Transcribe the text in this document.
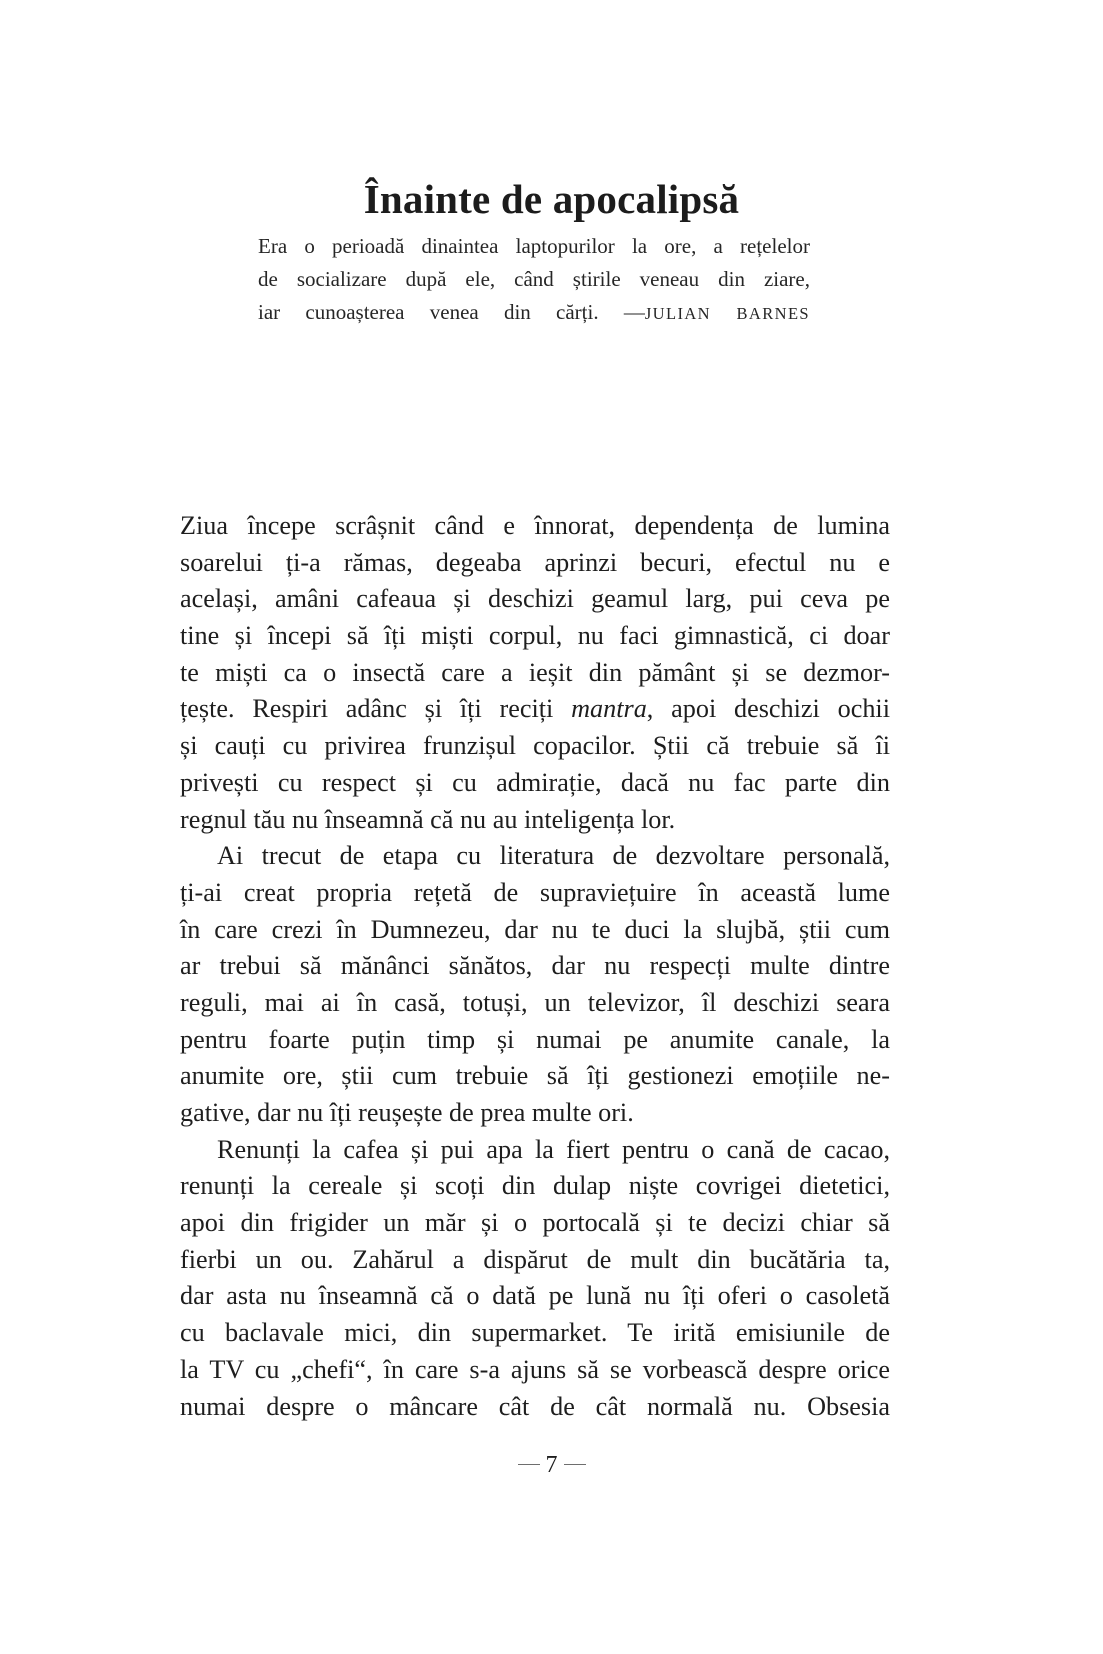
Înainte de apocalipsă
Era o perioadă dinaintea laptopurilor la ore, a rețelelor
de socializare după ele, când știrile veneau din ziare,
iar cunoașterea venea din cărți. —JULIAN BARNES
Ziua începe scrâșnit când e înnorat, dependența de lumina
soarelui ți-a rămas, degeaba aprinzi becuri, efectul nu e
același, amâni cafeaua și deschizi geamul larg, pui ceva pe
tine și începi să îți miști corpul, nu faci gimnastică, ci doar
te miști ca o insectă care a ieșit din pământ și se dezmor-
țește. Respiri adânc și îți reciți mantra, apoi deschizi ochii
și cauți cu privirea frunzișul copacilor. Știi că trebuie să îi
privești cu respect și cu admirație, dacă nu fac parte din
regnul tău nu înseamnă că nu au inteligența lor.
Ai trecut de etapa cu literatura de dezvoltare personală,
ți-ai creat propria rețetă de supraviețuire în această lume
în care crezi în Dumnezeu, dar nu te duci la slujbă, știi cum
ar trebui să mănânci sănătos, dar nu respecți multe dintre
reguli, mai ai în casă, totuși, un televizor, îl deschizi seara
pentru foarte puțin timp și numai pe anumite canale, la
anumite ore, știi cum trebuie să îți gestionezi emoțiile ne-
gative, dar nu îți reușește de prea multe ori.
Renunți la cafea și pui apa la fiert pentru o cană de cacao,
renunți la cereale și scoți din dulap niște covrigei dietetici,
apoi din frigider un măr și o portocală și te decizi chiar să
fierbi un ou. Zahărul a dispărut de mult din bucătăria ta,
dar asta nu înseamnă că o dată pe lună nu îți oferi o casoletă
cu baclavale mici, din supermarket. Te irită emisiunile de
la TV cu „chefi“, în care s-a ajuns să se vorbească despre orice
numai despre o mâncare cât de cât normală nu. Obsesia
7
